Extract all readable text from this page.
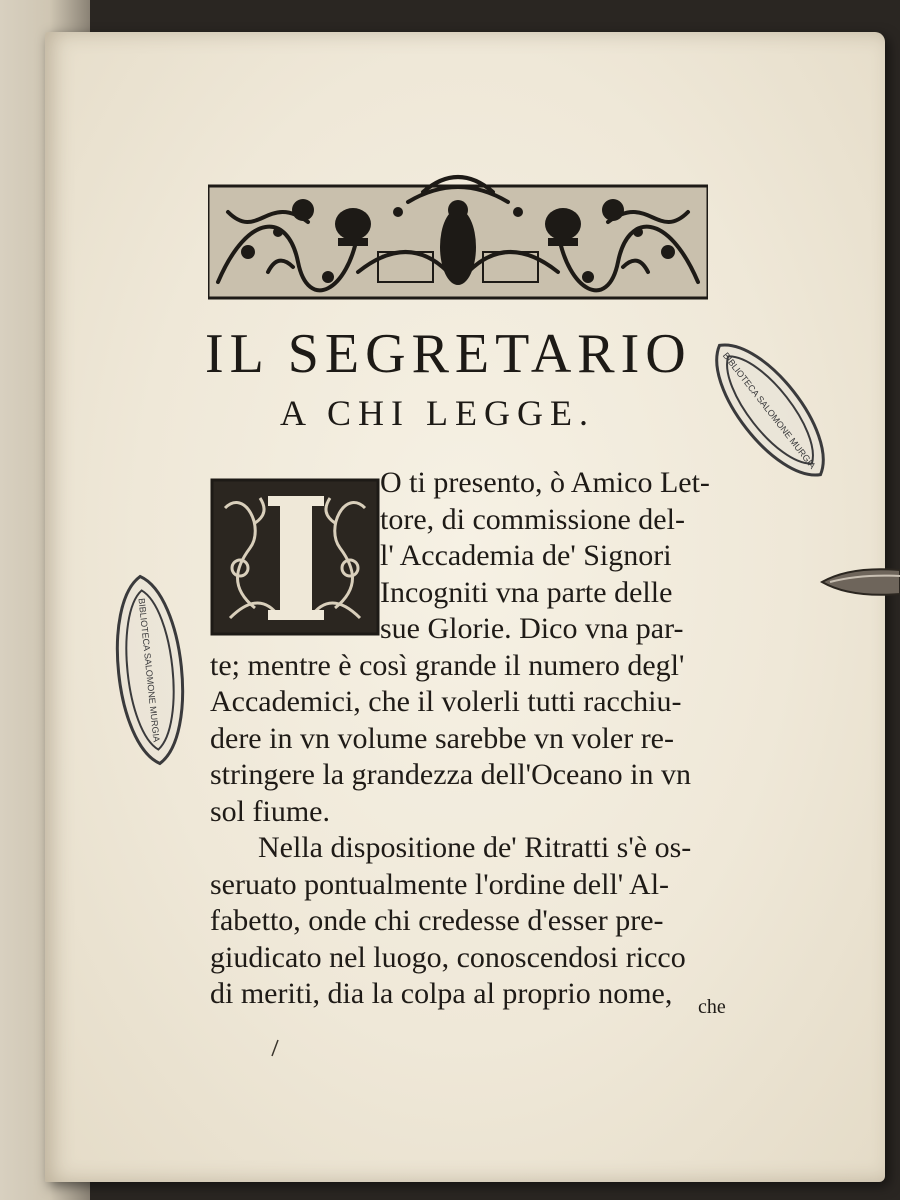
IL SEGRETARIO
A CHI LEGGE.
O ti presento, ò Amico Let-
tore, di commissione del-
l' Accademia de' Signori
Incogniti vna parte delle
sue Glorie. Dico vna par-
te; mentre è così grande il numero degl'
Accademici, che il volerli tutti racchiu-
dere in vn volume sarebbe vn voler re-
stringere la grandezza dell'Oceano in vn
sol fiume.
Nella dispositione de' Ritratti s'è os-
seruato pontualmente l'ordine dell' Al-
fabetto, onde chi credesse d'esser pre-
giudicato nel luogo, conoscendosi ricco
di meriti, dia la colpa al proprio nome,	che
BIBLIOTECA SALOMONE MURGIA
BIBLIOTECA SALOMONE MURGIA
